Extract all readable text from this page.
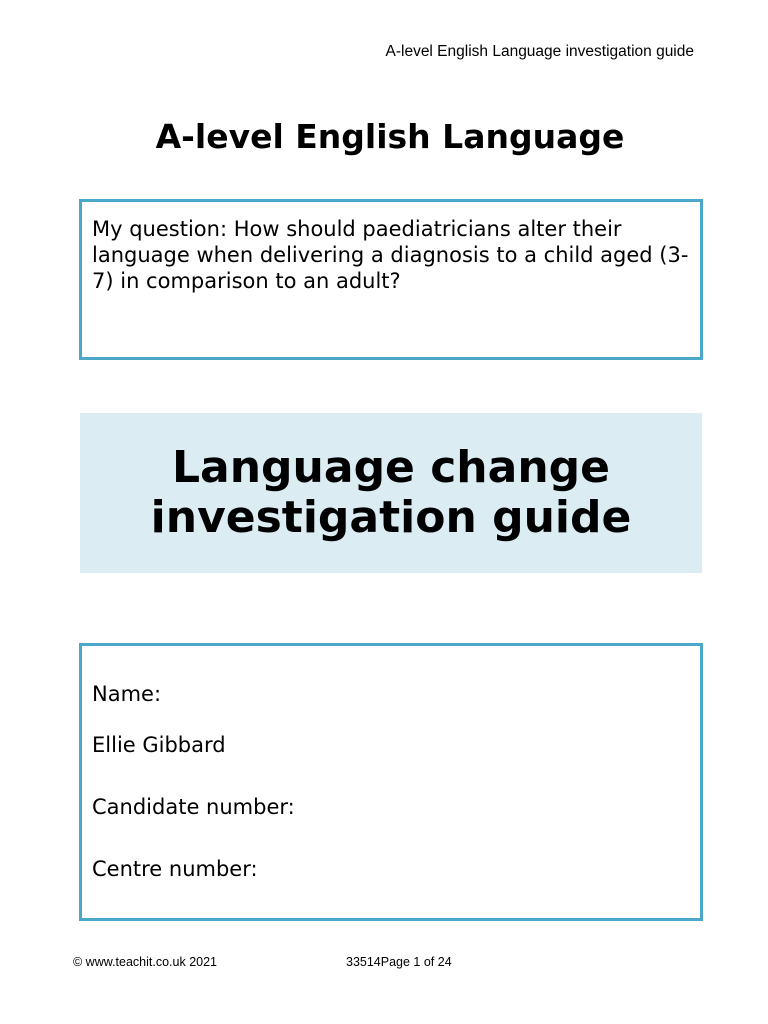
A-level English Language investigation guide
A-level English Language
My question: How should paediatricians alter their language when delivering a diagnosis to a child aged (3-7) in comparison to an adult?
Language change
investigation guide
Name:
Ellie Gibbard
Candidate number:
Centre number:
© www.teachit.co.uk 2021	33514Page 1 of 24
